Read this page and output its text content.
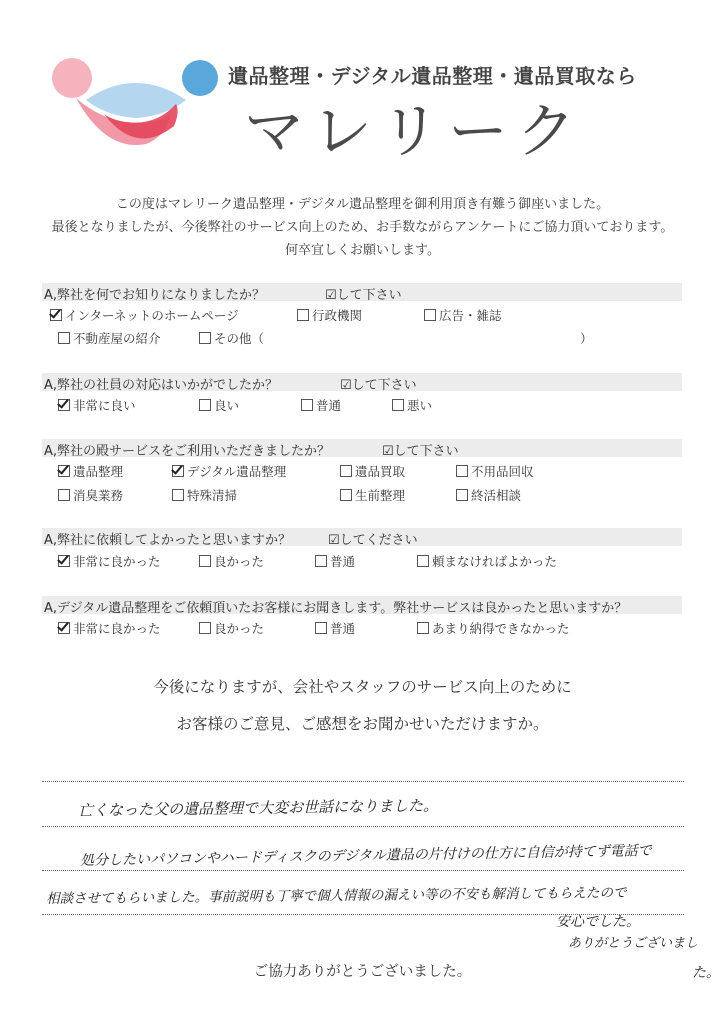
遺品整理・デジタル遺品整理・遺品買取なら
マレリーク
この度はマレリーク遺品整理・デジタル遺品整理を御利用頂き有難う御座いました。
最後となりましたが、今後弊社のサービス向上のため、お手数ながらアンケートにご協力頂いております。
何卒宜しくお願いします。
A,弊社を何でお知りになりましたか？	☑して下さい
インターネットのホームページ	行政機関	広告・雑誌
不動産屋の紹介	その他（	）
A,弊社の社員の対応はいかがでしたか？	☑して下さい
非常に良い	良い	普通	悪い
A,弊社の殿サービスをご利用いただきましたか？	☑して下さい
遺品整理	デジタル遺品整理	遺品買取	不用品回収
消臭業務	特殊清掃	生前整理	終活相談
A,弊社に依頼してよかったと思いますか？	☑してください
非常に良かった	良かった	普通	頼まなければよかった
A,デジタル遺品整理をご依頼頂いたお客様にお聞きします。弊社サービスは良かったと思いますか？
非常に良かった	良かった	普通	あまり納得できなかった
今後になりますが、会社やスタッフのサービス向上のために
お客様のご意見、ご感想をお聞かせいただけますか。
亡くなった父の遺品整理で大変お世話になりました。
処分したいパソコンやハードディスクのデジタル遺品の片付けの仕方に自信が持てず電話で
相談させてもらいました。事前説明も丁寧で個人情報の漏えい等の不安も解消してもらえたので
安心でした。
ありがとうございまし
た。
ご協力ありがとうございました。
